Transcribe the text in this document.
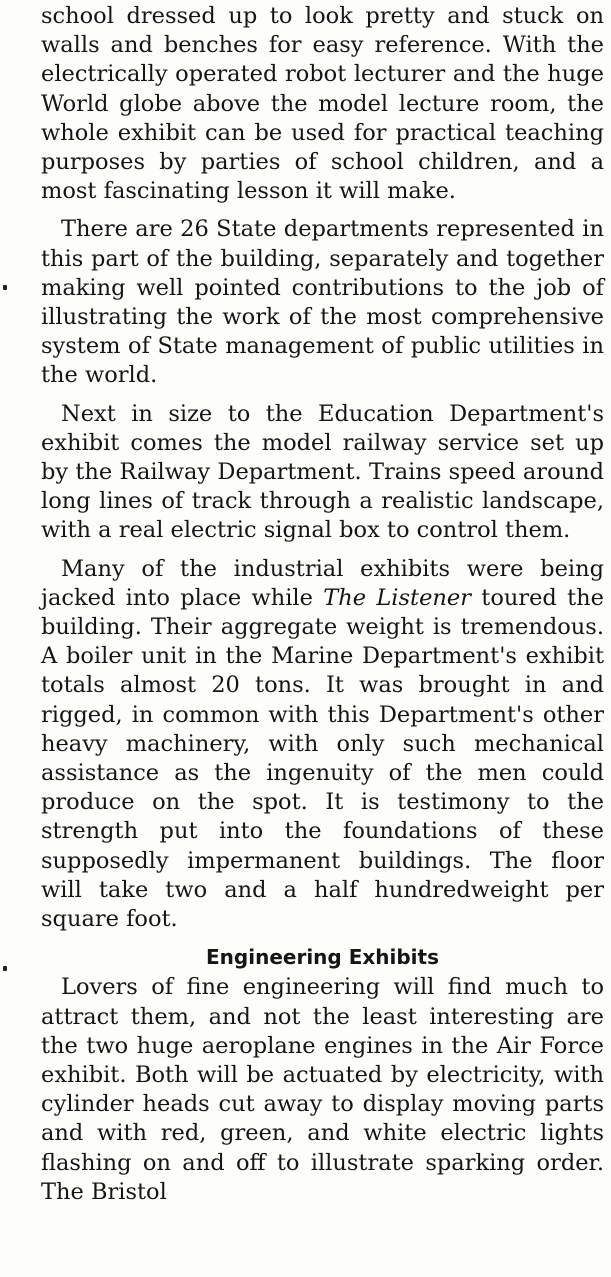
school dressed up to look pretty and stuck on walls and benches for easy reference. With the electrically operated robot lecturer and the huge World globe above the model lecture room, the whole exhibit can be used for practical teaching purposes by parties of school children, and a most fascinating lesson it will make.

There are 26 State departments represented in this part of the building, separately and together making well pointed contributions to the job of illustrating the work of the most comprehensive system of State management of public utilities in the world.

Next in size to the Education Department's exhibit comes the model railway service set up by the Railway Department. Trains speed around long lines of track through a realistic landscape, with a real electric signal box to control them.

Many of the industrial exhibits were being jacked into place while The Listener toured the building. Their aggregate weight is tremendous. A boiler unit in the Marine Department's exhibit totals almost 20 tons. It was brought in and rigged, in common with this Department's other heavy machinery, with only such mechanical assistance as the ingenuity of the men could produce on the spot. It is testimony to the strength put into the foundations of these supposedly impermanent buildings. The floor will take two and a half hundredweight per square foot.

Engineering Exhibits

Lovers of fine engineering will find much to attract them, and not the least interesting are the two huge aeroplane engines in the Air Force exhibit. Both will be actuated by electricity, with cylinder heads cut away to display moving parts and with red, green, and white electric lights flashing on and off to illustrate sparking order. The Bristol
